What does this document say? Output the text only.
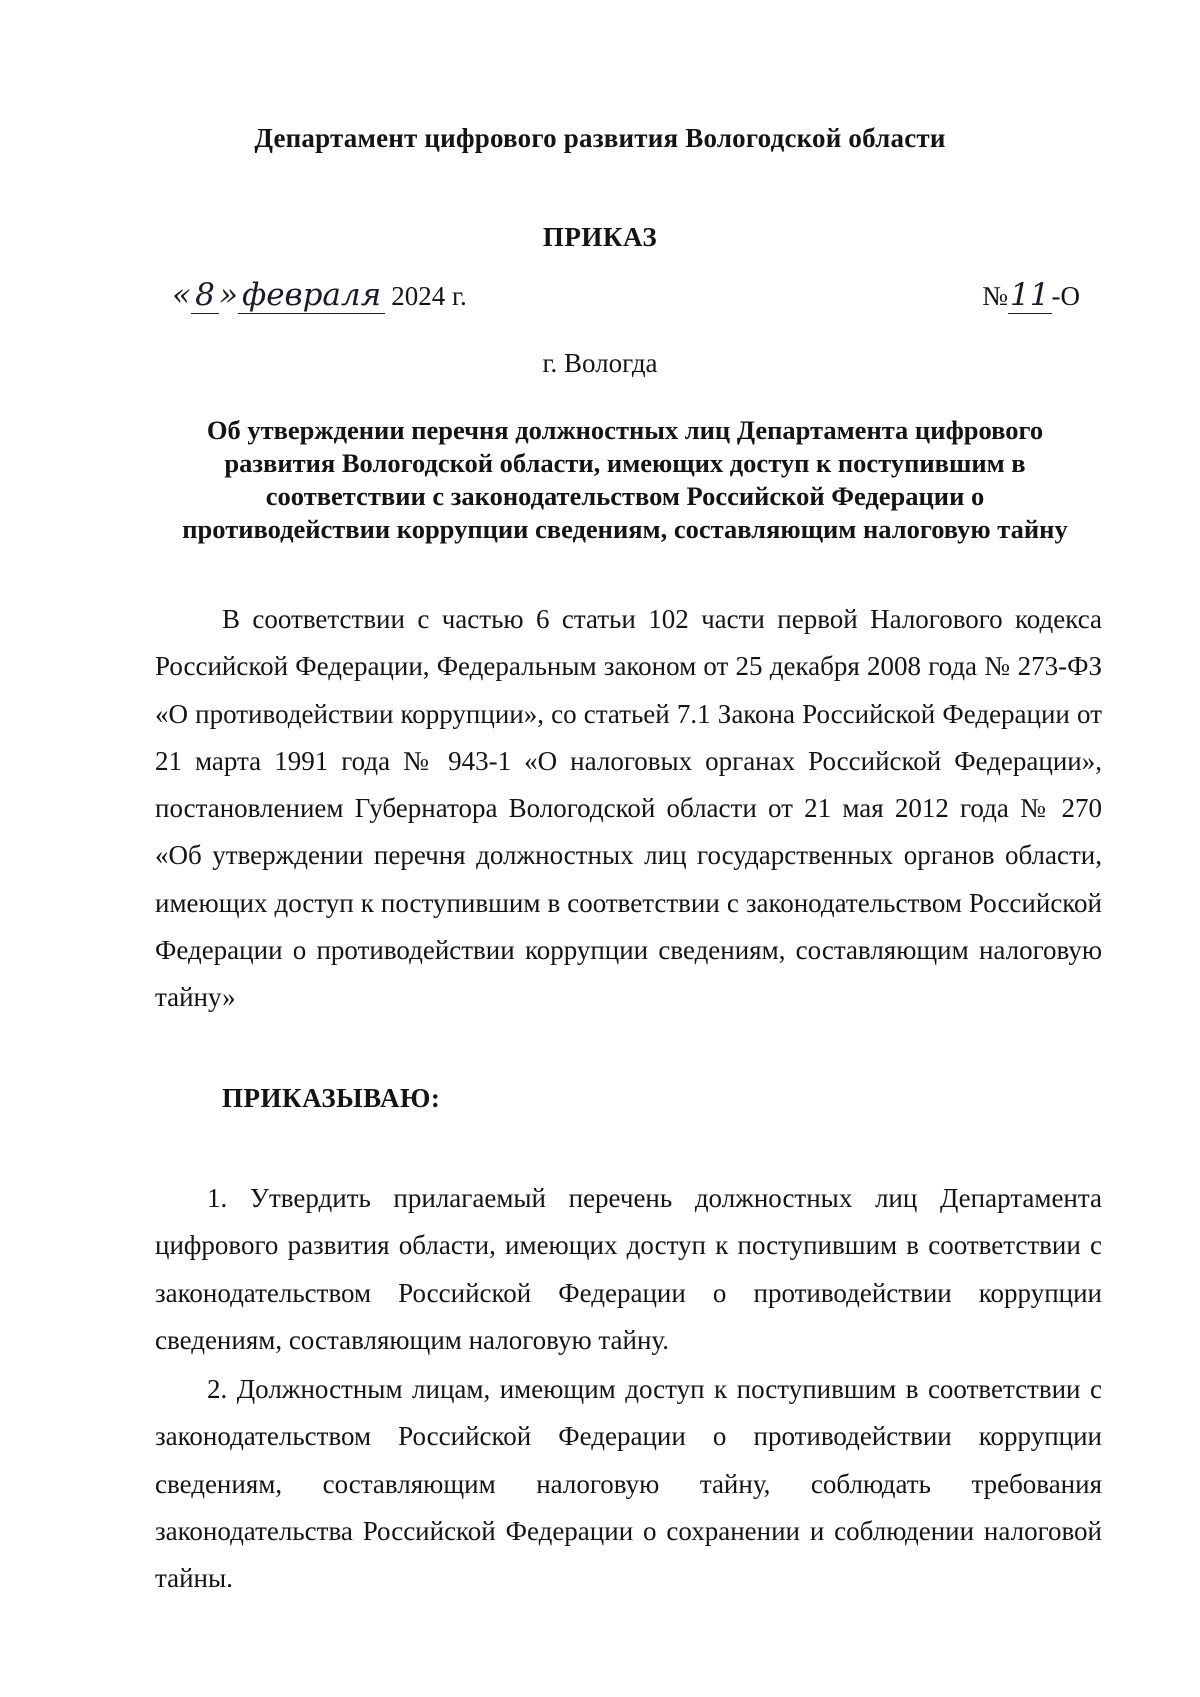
Департамент цифрового развития Вологодской области
ПРИКАЗ
« 8 » февраля 2024 г.	№ 11 -О
г. Вологда
Об утверждении перечня должностных лиц Департамента цифрового развития Вологодской области, имеющих доступ к поступившим в соответствии с законодательством Российской Федерации о противодействии коррупции сведениям, составляющим налоговую тайну

В соответствии с частью 6 статьи 102 части первой Налогового кодекса Российской Федерации, Федеральным законом от 25 декабря 2008 года № 273-ФЗ «О противодействии коррупции», со статьей 7.1 Закона Российской Федерации от 21 марта 1991 года № 943-1 «О налоговых органах Российской Федерации», постановлением Губернатора Вологодской области от 21 мая 2012 года № 270 «Об утверждении перечня должностных лиц государственных органов области, имеющих доступ к поступившим в соответствии с законодательством Российской Федерации о противодействии коррупции сведениям, составляющим налоговую тайну»

ПРИКАЗЫВАЮ:

1. Утвердить прилагаемый перечень должностных лиц Департамента цифрового развития области, имеющих доступ к поступившим в соответствии с законодательством Российской Федерации о противодействии коррупции сведениям, составляющим налоговую тайну.

2. Должностным лицам, имеющим доступ к поступившим в соответствии с законодательством Российской Федерации о противодействии коррупции сведениям, составляющим налоговую тайну, соблюдать требования законодательства Российской Федерации о сохранении и соблюдении налоговой тайны.
